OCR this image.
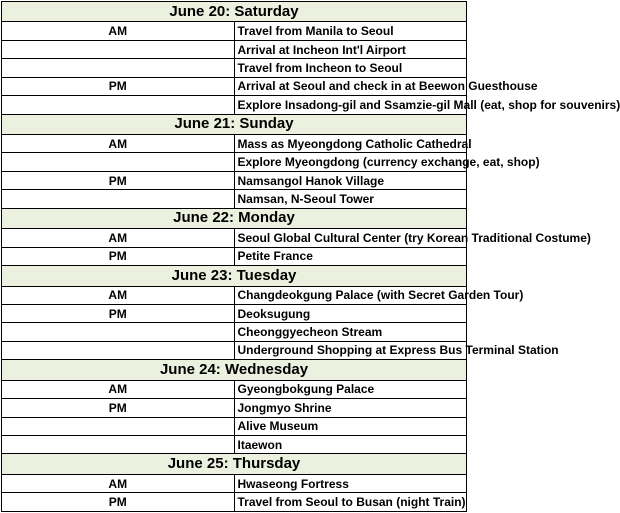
June 20: Saturday	
AM	Travel from Manila to Seoul
	Arrival at Incheon Int'l Airport
	Travel from Incheon to Seoul
PM	Arrival at Seoul and check in at Beewon Guesthouse
	Explore Insadong-gil and Ssamzie-gil Mall (eat, shop for souvenirs)
June 21: Sunday	
AM	Mass as Myeongdong Catholic Cathedral
	Explore Myeongdong (currency exchange, eat, shop)
PM	Namsangol Hanok Village
	Namsan, N-Seoul Tower
June 22: Monday	
AM	Seoul Global Cultural Center (try Korean Traditional Costume)
PM	Petite France
June 23: Tuesday	
AM	Changdeokgung Palace (with Secret Garden Tour)
PM	Deoksugung
	Cheonggyecheon Stream
	Underground Shopping at Express Bus Terminal Station
June 24: Wednesday	
AM	Gyeongbokgung Palace
PM	Jongmyo Shrine
	Alive Museum
	Itaewon
June 25: Thursday	
AM	Hwaseong Fortress
PM	Travel from Seoul to Busan (night Train)
